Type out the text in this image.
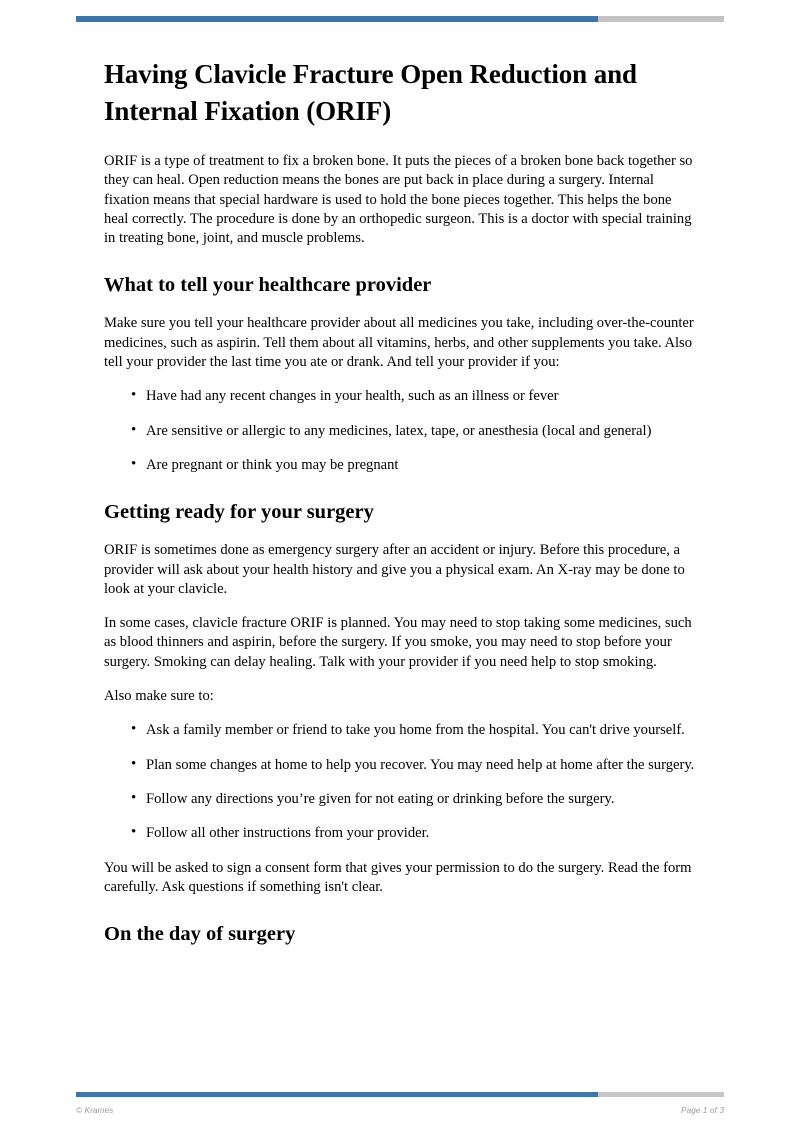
Having Clavicle Fracture Open Reduction and Internal Fixation (ORIF)

ORIF is a type of treatment to fix a broken bone. It puts the pieces of a broken bone back together so they can heal. Open reduction means the bones are put back in place during a surgery. Internal fixation means that special hardware is used to hold the bone pieces together. This helps the bone heal correctly. The procedure is done by an orthopedic surgeon. This is a doctor with special training in treating bone, joint, and muscle problems.

What to tell your healthcare provider

Make sure you tell your healthcare provider about all medicines you take, including over-the-counter medicines, such as aspirin. Tell them about all vitamins, herbs, and other supplements you take. Also tell your provider the last time you ate or drank. And tell your provider if you:

• Have had any recent changes in your health, such as an illness or fever
• Are sensitive or allergic to any medicines, latex, tape, or anesthesia (local and general)
• Are pregnant or think you may be pregnant
Getting ready for your surgery

ORIF is sometimes done as emergency surgery after an accident or injury. Before this procedure, a provider will ask about your health history and give you a physical exam. An X-ray may be done to look at your clavicle.

In some cases, clavicle fracture ORIF is planned. You may need to stop taking some medicines, such as blood thinners and aspirin, before the surgery. If you smoke, you may need to stop before your surgery. Smoking can delay healing. Talk with your provider if you need help to stop smoking.

Also make sure to:

• Ask a family member or friend to take you home from the hospital. You can't drive yourself.
• Plan some changes at home to help you recover. You may need help at home after the surgery.
• Follow any directions you’re given for not eating or drinking before the surgery.
• Follow all other instructions from your provider.

You will be asked to sign a consent form that gives your permission to do the surgery. Read the form carefully. Ask questions if something isn't clear.

On the day of surgery
© Krames	Page 1 of 3
